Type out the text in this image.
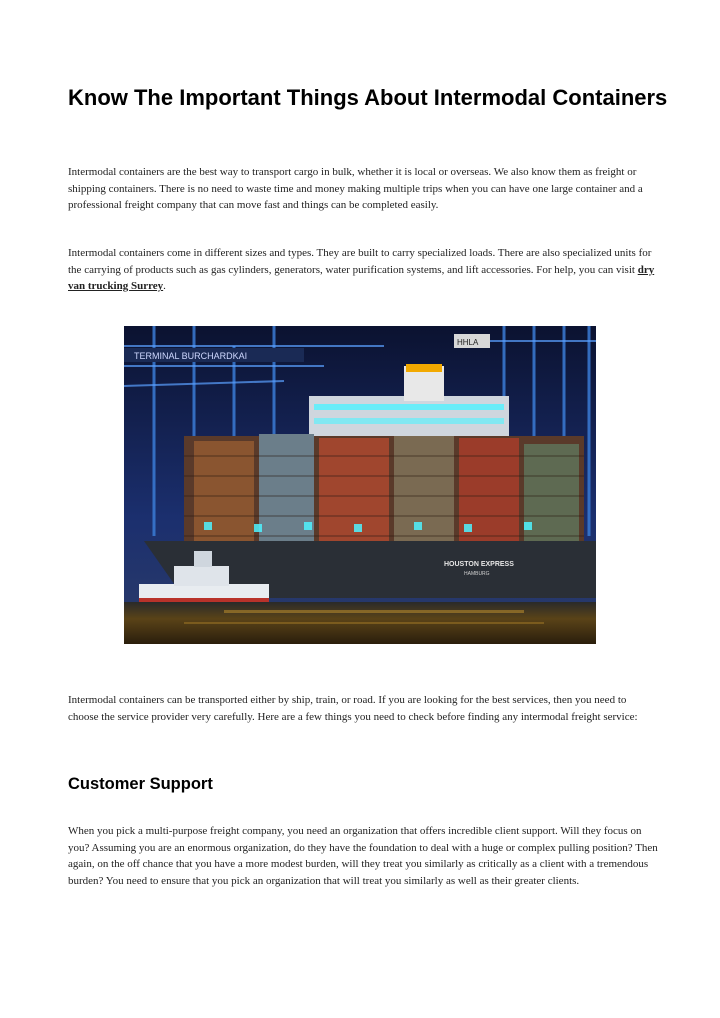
Know The Important Things About Intermodal Containers

Intermodal containers are the best way to transport cargo in bulk, whether it is local or overseas. We also know them as freight or shipping containers. There is no need to waste time and money making multiple trips when you can have one large container and a professional freight company that can move fast and things can be completed easily.

Intermodal containers come in different sizes and types. They are built to carry specialized loads. There are also specialized units for the carrying of products such as gas cylinders, generators, water purification systems, and lift accessories. For help, you can visit dry van trucking Surrey.

TERMINAL BURCHARDKAI
HHLA
HOUSTON EXPRESS
HAMBURG

Intermodal containers can be transported either by ship, train, or road. If you are looking for the best services, then you need to choose the service provider very carefully. Here are a few things you need to check before finding any intermodal freight service:

Customer Support

When you pick a multi-purpose freight company, you need an organization that offers incredible client support. Will they focus on you? Assuming you are an enormous organization, do they have the foundation to deal with a huge or complex pulling position? Then again, on the off chance that you have a more modest burden, will they treat you similarly as critically as a client with a tremendous burden? You need to ensure that you pick an organization that will treat you similarly as well as their greater clients.
